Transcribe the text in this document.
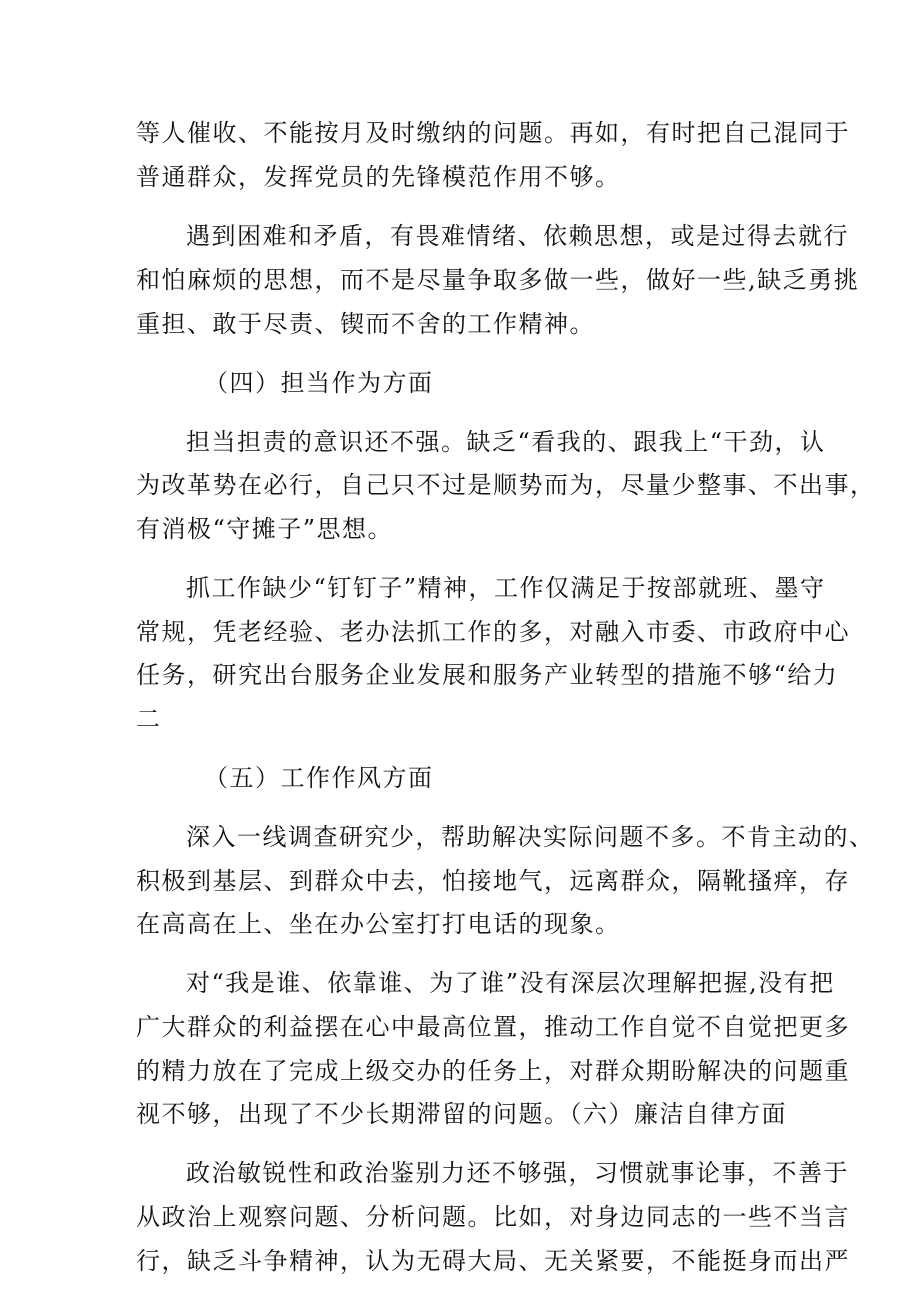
等人催收、不能按月及时缴纳的问题。再如，有时把自己混同于
普通群众，发挥党员的先锋模范作用不够。
遇到困难和矛盾，有畏难情绪、依赖思想，或是过得去就行
和怕麻烦的思想，而不是尽量争取多做一些，做好一些,缺乏勇挑
重担、敢于尽责、锲而不舍的工作精神。
（四）担当作为方面
担当担责的意识还不强。缺乏“看我的、跟我上“干劲，认
为改革势在必行，自己只不过是顺势而为，尽量少整事、不出事，
有消极“守摊子”思想。
抓工作缺少“钉钉子”精神，工作仅满足于按部就班、墨守
常规，凭老经验、老办法抓工作的多，对融入市委、市政府中心
任务，研究出台服务企业发展和服务产业转型的措施不够“给力
二
（五）工作作风方面
深入一线调查研究少，帮助解决实际问题不多。不肯主动的、
积极到基层、到群众中去，怕接地气，远离群众，隔靴搔痒，存
在高高在上、坐在办公室打打电话的现象。
对“我是谁、依靠谁、为了谁”没有深层次理解把握,没有把
广大群众的利益摆在心中最高位置，推动工作自觉不自觉把更多
的精力放在了完成上级交办的任务上，对群众期盼解决的问题重
视不够，出现了不少长期滞留的问题。（六）廉洁自律方面
政治敏锐性和政治鉴别力还不够强，习惯就事论事，不善于
从政治上观察问题、分析问题。比如，对身边同志的一些不当言
行，缺乏斗争精神，认为无碍大局、无关紧要，不能挺身而出严
